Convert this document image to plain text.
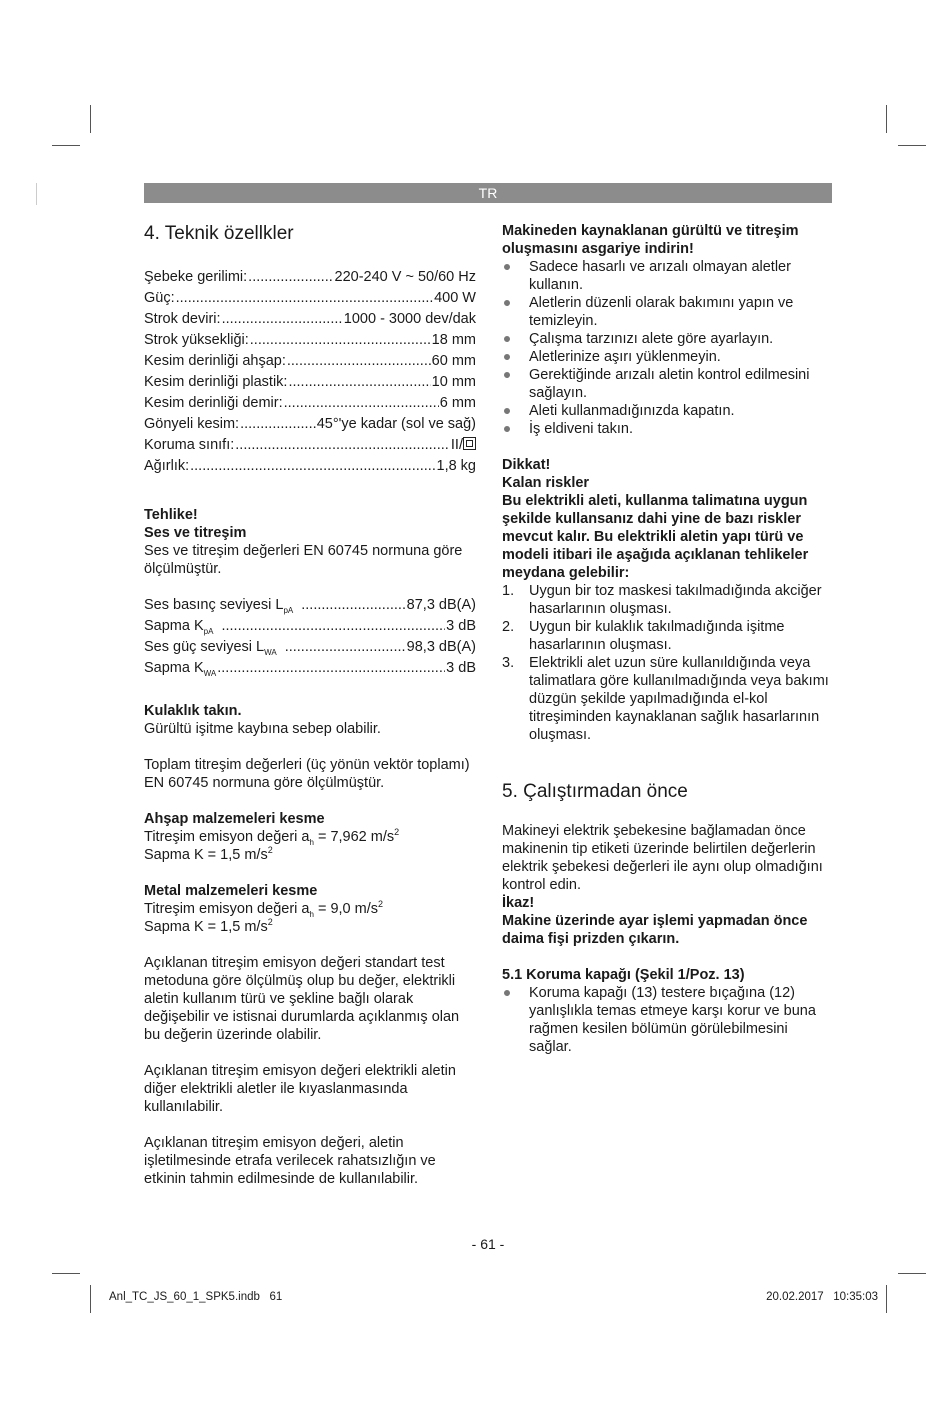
TR
4. Teknik özellkler
Şebeke gerilimi: .....	220-240 V ~ 50/60 Hz
Güç: .....	400 W
Strok deviri: .....	1000 - 3000 dev/dak
Strok yüksekliği: .....	18 mm
Kesim derinliği ahşap: .....	60 mm
Kesim derinliği plastik: .....	10 mm
Kesim derinliği demir: .....	6 mm
Gönyeli kesim: .....	45°'ye kadar (sol ve sağ)
Koruma sınıfı: .....	II/
Ağırlık: .....	1,8 kg

Tehlike!

Ses ve titreşim

Ses ve titreşim değerleri EN 60745 normuna göre ölçülmüştür.

Ses basınç seviyesi $L_{pA}$ .....	87,3 dB(A)
Sapma $K_{pA}$ .....	3 dB
Ses güç seviyesi $L_{WA}$ .....	98,3 dB(A)
Sapma $K_{WA}$ .....	3 dB

Kulaklık takın.

Gürültü işitme kaybına sebep olabilir.

Toplam titreşim değerleri (üç yönün vektör toplamı) EN 60745 normuna göre ölçülmüştür.

Ahşap malzemeleri kesme

Titreşim emisyon değeri $a_h = 7,962$ $m/s^2$

Sapma K = 1,5 $m/s^2$

Metal malzemeleri kesme

Titreşim emisyon değeri $a_h = 9,0$ $m/s^2$

Sapma K = 1,5 $m/s^2$

Açıklanan titreşim emisyon değeri standart test metoduna göre ölçülmüş olup bu değer, elektrikli aletin kullanım türü ve şekline bağlı olarak değişebilir ve istisnai durumlarda açıklanmış olan bu değerin üzerinde olabilir.

Açıklanan titreşim emisyon değeri elektrikli aletin diğer elektrikli aletler ile kıyaslanmasında kullanılabilir.

Açıklanan titreşim emisyon değeri, aletin işletilmesinde etrafa verilecek rahatsızlığın ve etkinin tahmin edilmesinde de kullanılabilir.

Makineden kaynaklanan gürültü ve titreşim oluşmasını asgariye indirin!

Sadece hasarlı ve arızalı olmayan aletler kullanın.
Aletlerin düzenli olarak bakımını yapın ve temizleyin.
Çalışma tarzınızı alete göre ayarlayın.
Aletlerinize aşırı yüklenmeyin.
Gerektiğinde arızalı aletin kontrol edilmesini sağlayın.
Aleti kullanmadığınızda kapatın.
İş eldiveni takın.

Dikkat!

Kalan riskler

Bu elektrikli aleti, kullanma talimatına uygun şekilde kullansanız dahi yine de bazı riskler mevcut kalır. Bu elektrikli aletin yapı türü ve modeli itibari ile aşağıda açıklanan tehlikeler meydana gelebilir:

1. Uygun bir toz maskesi takılmadığında akciğer hasarlarının oluşması.
2. Uygun bir kulaklık takılmadığında işitme hasarlarının oluşması.
3. Elektrikli alet uzun süre kullanıldığında veya talimatlara göre kullanılmadığında veya bakımı düzgün şekilde yapılmadığında el-kol titreşiminden kaynaklanan sağlık hasarlarının oluşması.
5. Çalıştırmadan önce

Makineyi elektrik şebekesine bağlamadan önce makinenin tip etiketi üzerinde belirtilen değerlerin elektrik şebekesi değerleri ile aynı olup olmadığını kontrol edin.

İkaz!

Makine üzerinde ayar işlemi yapmadan önce daima fişi prizden çıkarın.

5.1 Koruma kapağı (Şekil 1/Poz. 13)

Koruma kapağı (13) testere bıçağına (12) yanlışlıkla temas etmeye karşı korur ve buna rağmen kesilen bölümün görülebilmesini sağlar.
- 61 -
Anl_TC_JS_60_1_SPK5.indb   61	20.02.2017   10:35:03
